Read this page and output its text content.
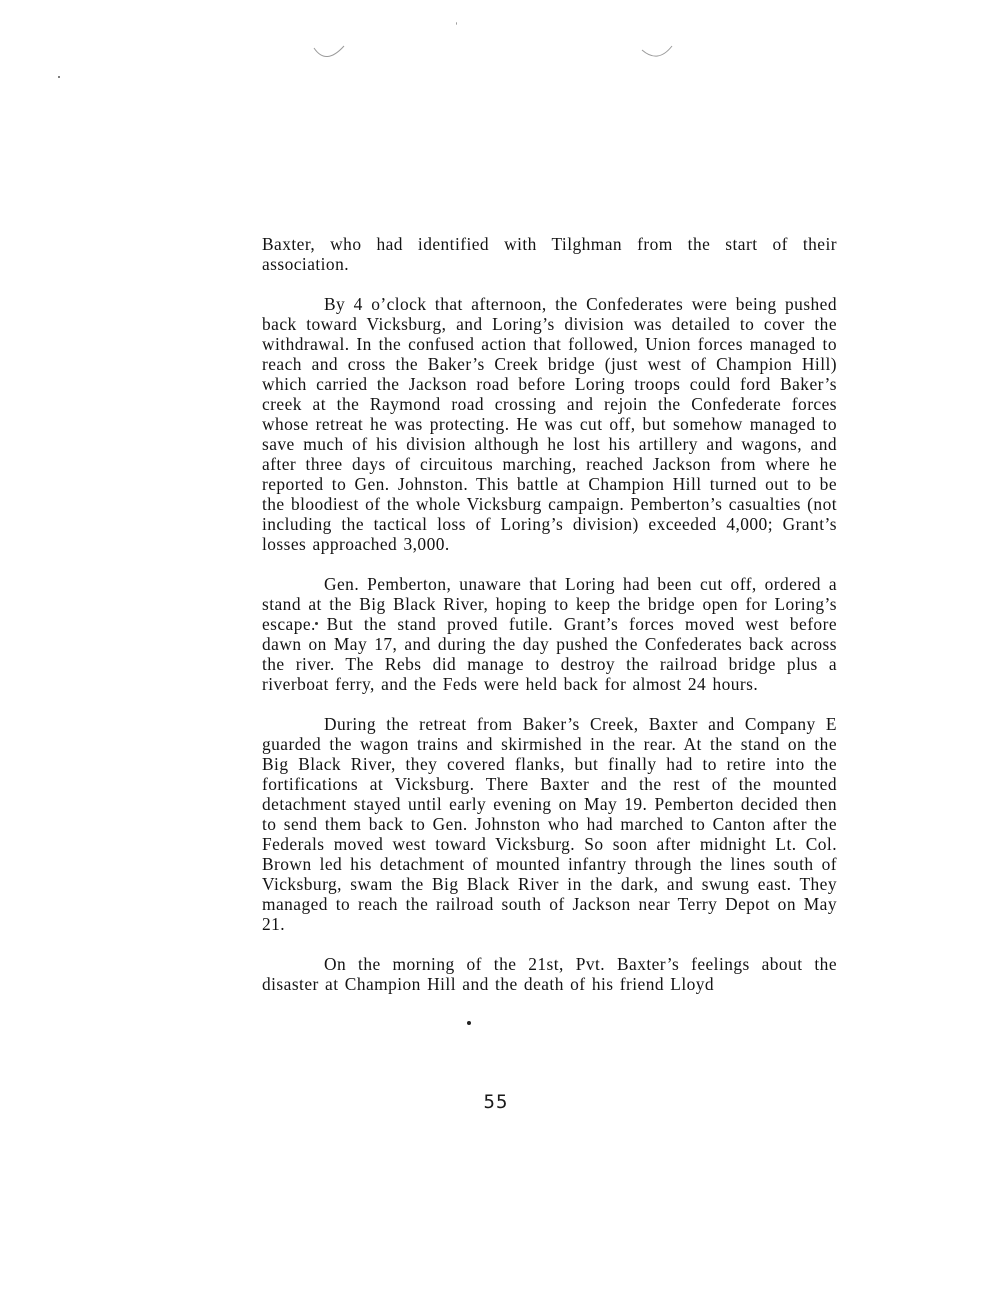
Baxter, who had identified with Tilghman from the start of their association.

By 4 o’clock that afternoon, the Confederates were being pushed back toward Vicksburg, and Loring’s division was detailed to cover the withdrawal. In the confused action that followed, Union forces managed to reach and cross the Baker’s Creek bridge (just west of Champion Hill) which carried the Jackson road before Loring troops could ford Baker’s creek at the Raymond road crossing and rejoin the Confederate forces whose retreat he was protecting. He was cut off, but somehow managed to save much of his division although he lost his artillery and wagons, and after three days of circuitous marching, reached Jackson from where he reported to Gen. Johnston. This battle at Champion Hill turned out to be the bloodiest of the whole Vicksburg campaign. Pemberton’s casualties (not including the tactical loss of Loring’s division) exceeded 4,000; Grant’s losses approached 3,000.

Gen. Pemberton, unaware that Loring had been cut off, ordered a stand at the Big Black River, hoping to keep the bridge open for Loring’s escape. But the stand proved futile. Grant’s forces moved west before dawn on May 17, and during the day pushed the Confederates back across the river. The Rebs did manage to destroy the railroad bridge plus a riverboat ferry, and the Feds were held back for almost 24 hours.

During the retreat from Baker’s Creek, Baxter and Company E guarded the wagon trains and skirmished in the rear. At the stand on the Big Black River, they covered flanks, but finally had to retire into the fortifications at Vicksburg. There Baxter and the rest of the mounted detachment stayed until early evening on May 19. Pemberton decided then to send them back to Gen. Johnston who had marched to Canton after the Federals moved west toward Vicksburg. So soon after midnight Lt. Col. Brown led his detachment of mounted infantry through the lines south of Vicksburg, swam the Big Black River in the dark, and swung east. They managed to reach the railroad south of Jackson near Terry Depot on May 21.

On the morning of the 21st, Pvt. Baxter’s feelings about the disaster at Champion Hill and the death of his friend Lloyd

55
